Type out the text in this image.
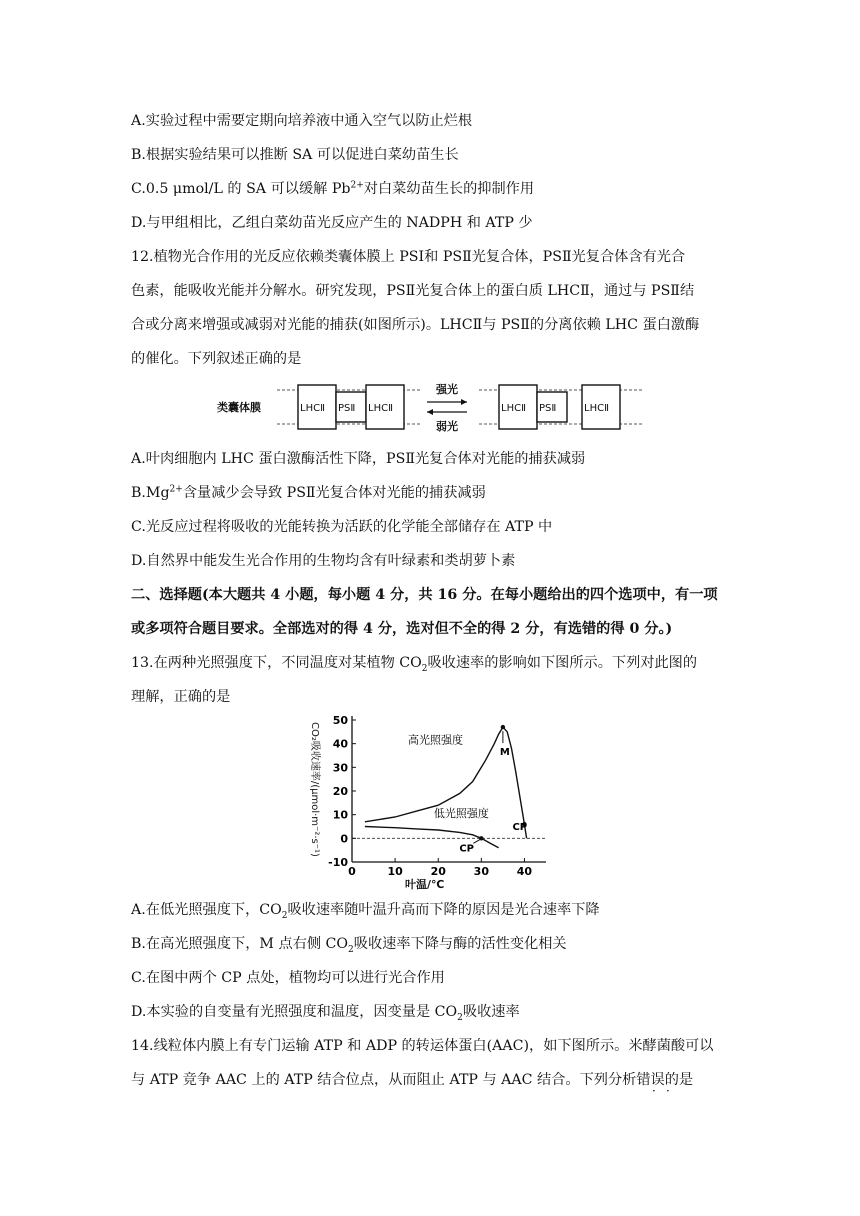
A.实验过程中需要定期向培养液中通入空气以防止烂根
B.根据实验结果可以推断 SA 可以促进白菜幼苗生长
C.0.5 μmol/L 的 SA 可以缓解 $Pb^{2+}$对白菜幼苗生长的抑制作用
D.与甲组相比，乙组白菜幼苗光反应产生的 NADPH 和 ATP 少
12.植物光合作用的光反应依赖类囊体膜上 PSⅠ和 PSⅡ光复合体，PSⅡ光复合体含有光合
色素，能吸收光能并分解水。研究发现，PSⅡ光复合体上的蛋白质 LHCⅡ，通过与 PSⅡ结
合或分离来增强或减弱对光能的捕获(如图所示)。LHCⅡ与 PSⅡ的分离依赖 LHC 蛋白激酶
的催化。下列叙述正确的是
类囊体膜	LHCⅡ PSⅡ LHCⅡ
强光
弱光
LHCⅡ PSⅡ	LHCⅡ
A.叶肉细胞内 LHC 蛋白激酶活性下降，PSⅡ光复合体对光能的捕获减弱
$B.Mg^{2+}$含量减少会导致 PSⅡ光复合体对光能的捕获减弱
C.光反应过程将吸收的光能转换为活跃的化学能全部储存在 ATP 中
D.自然界中能发生光合作用的生物均含有叶绿素和类胡萝卜素
二、选择题(本大题共 4 小题，每小题 4 分，共 16 分。在每小题给出的四个选项中，有一项
或多项符合题目要求。全部选对的得 4 分，选对但不全的得 2 分，有选错的得 0 分。)
13.在两种光照强度下，不同温度对某植物 $CO_2$吸收速率的影响如下图所示。下列对此图的
理解，正确的是
CO₂吸收速率/(μmol·m⁻²·s⁻¹)
叶温/℃
50
40
30
20
10
0
-10
0	10	20	30	40
高光照强度
低光照强度
M
CP
CP
A.在低光照强度下，$CO_2$吸收速率随叶温升高而下降的原因是光合速率下降
B.在高光照强度下，M 点右侧 $CO_2$吸收速率下降与酶的活性变化相关
C.在图中两个 CP 点处，植物均可以进行光合作用
D.本实验的自变量有光照强度和温度，因变量是 $CO_2$吸收速率
14.线粒体内膜上有专门运输 ATP 和 ADP 的转运体蛋白(AAC)，如下图所示。米酵菌酸可以
与 ATP 竞争 AAC 上的 ATP 结合位点，从而阻止 ATP 与 AAC 结合。下列分析错误的是
· ·
